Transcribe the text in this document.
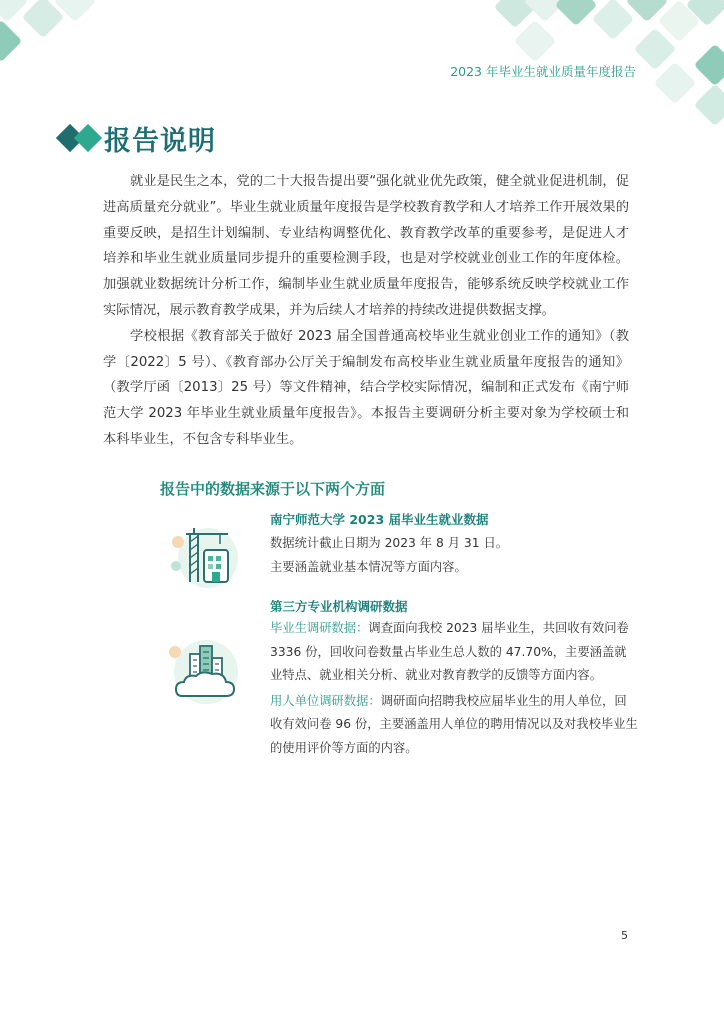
2023 年毕业生就业质量年度报告
报告说明

就业是民生之本，党的二十大报告提出要“强化就业优先政策，健全就业促进机制，促进高质量充分就业”。毕业生就业质量年度报告是学校教育教学和人才培养工作开展效果的重要反映，是招生计划编制、专业结构调整优化、教育教学改革的重要参考，是促进人才培养和毕业生就业质量同步提升的重要检测手段，也是对学校就业创业工作的年度体检。加强就业数据统计分析工作，编制毕业生就业质量年度报告，能够系统反映学校就业工作实际情况，展示教育教学成果，并为后续人才培养的持续改进提供数据支撑。

学校根据《教育部关于做好 2023 届全国普通高校毕业生就业创业工作的通知》（教学〔2022〕5 号）、《教育部办公厅关于编制发布高校毕业生就业质量年度报告的通知》（教学厅函〔2013〕25 号）等文件精神，结合学校实际情况，编制和正式发布《南宁师范大学 2023 年毕业生就业质量年度报告》。本报告主要调研分析主要对象为学校硕士和本科毕业生，不包含专科毕业生。

报告中的数据来源于以下两个方面
南宁师范大学 2023 届毕业生就业数据

数据统计截止日期为 2023 年 8 月 31 日。

主要涵盖就业基本情况等方面内容。

第三方专业机构调研数据

毕业生调研数据：调查面向我校 2023 届毕业生，共回收有效问卷 3336 份，回收问卷数量占毕业生总人数的 47.70%，主要涵盖就业特点、就业相关分析、就业对教育教学的反馈等方面内容。

用人单位调研数据：调研面向招聘我校应届毕业生的用人单位，回收有效问卷 96 份，主要涵盖用人单位的聘用情况以及对我校毕业生的使用评价等方面的内容。

5
